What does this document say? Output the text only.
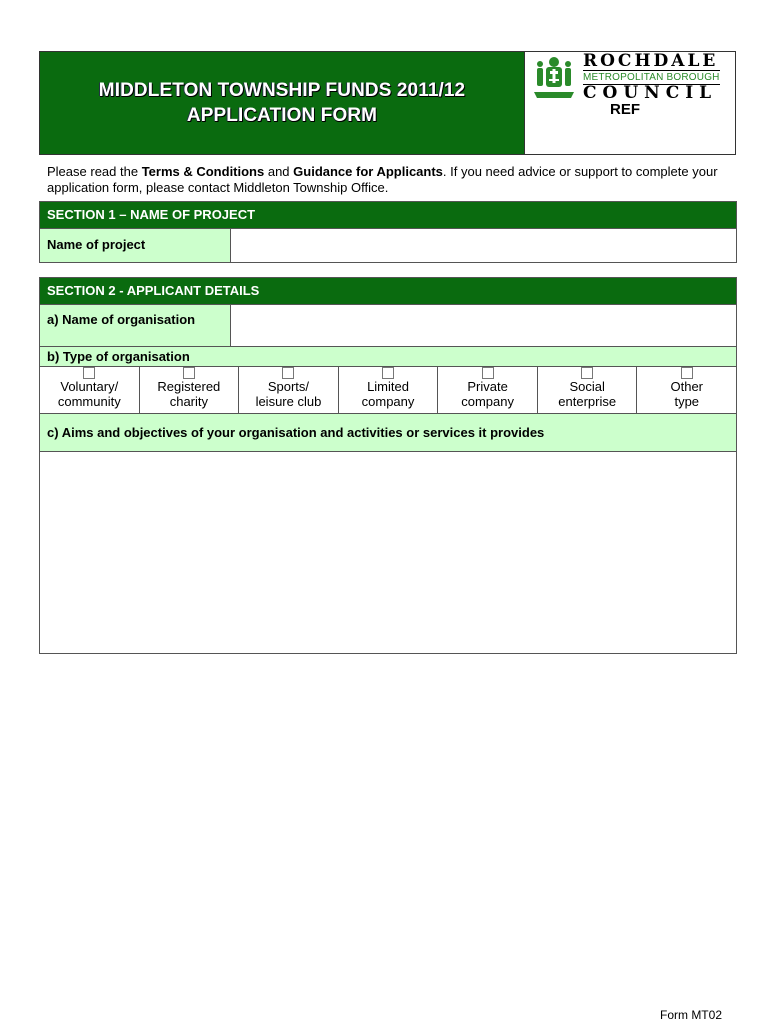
MIDDLETON TOWNSHIP FUNDS 2011/12
APPLICATION FORM
ROCHDALE
METROPOLITAN BOROUGH
COUNCIL
REF
Please read the Terms & Conditions and Guidance for Applicants. If you need advice or support to complete your application form, please contact Middleton Township Office.
SECTION 1 – NAME OF PROJECT
Name of project
SECTION 2 - APPLICANT DETAILS
a) Name of organisation
b) Type of organisation
Voluntary/
community
Registered
charity
Sports/
leisure club
Limited
company
Private
company
Social
enterprise
Other
type
c) Aims and objectives of your organisation and activities or services it provides
Form MT02
